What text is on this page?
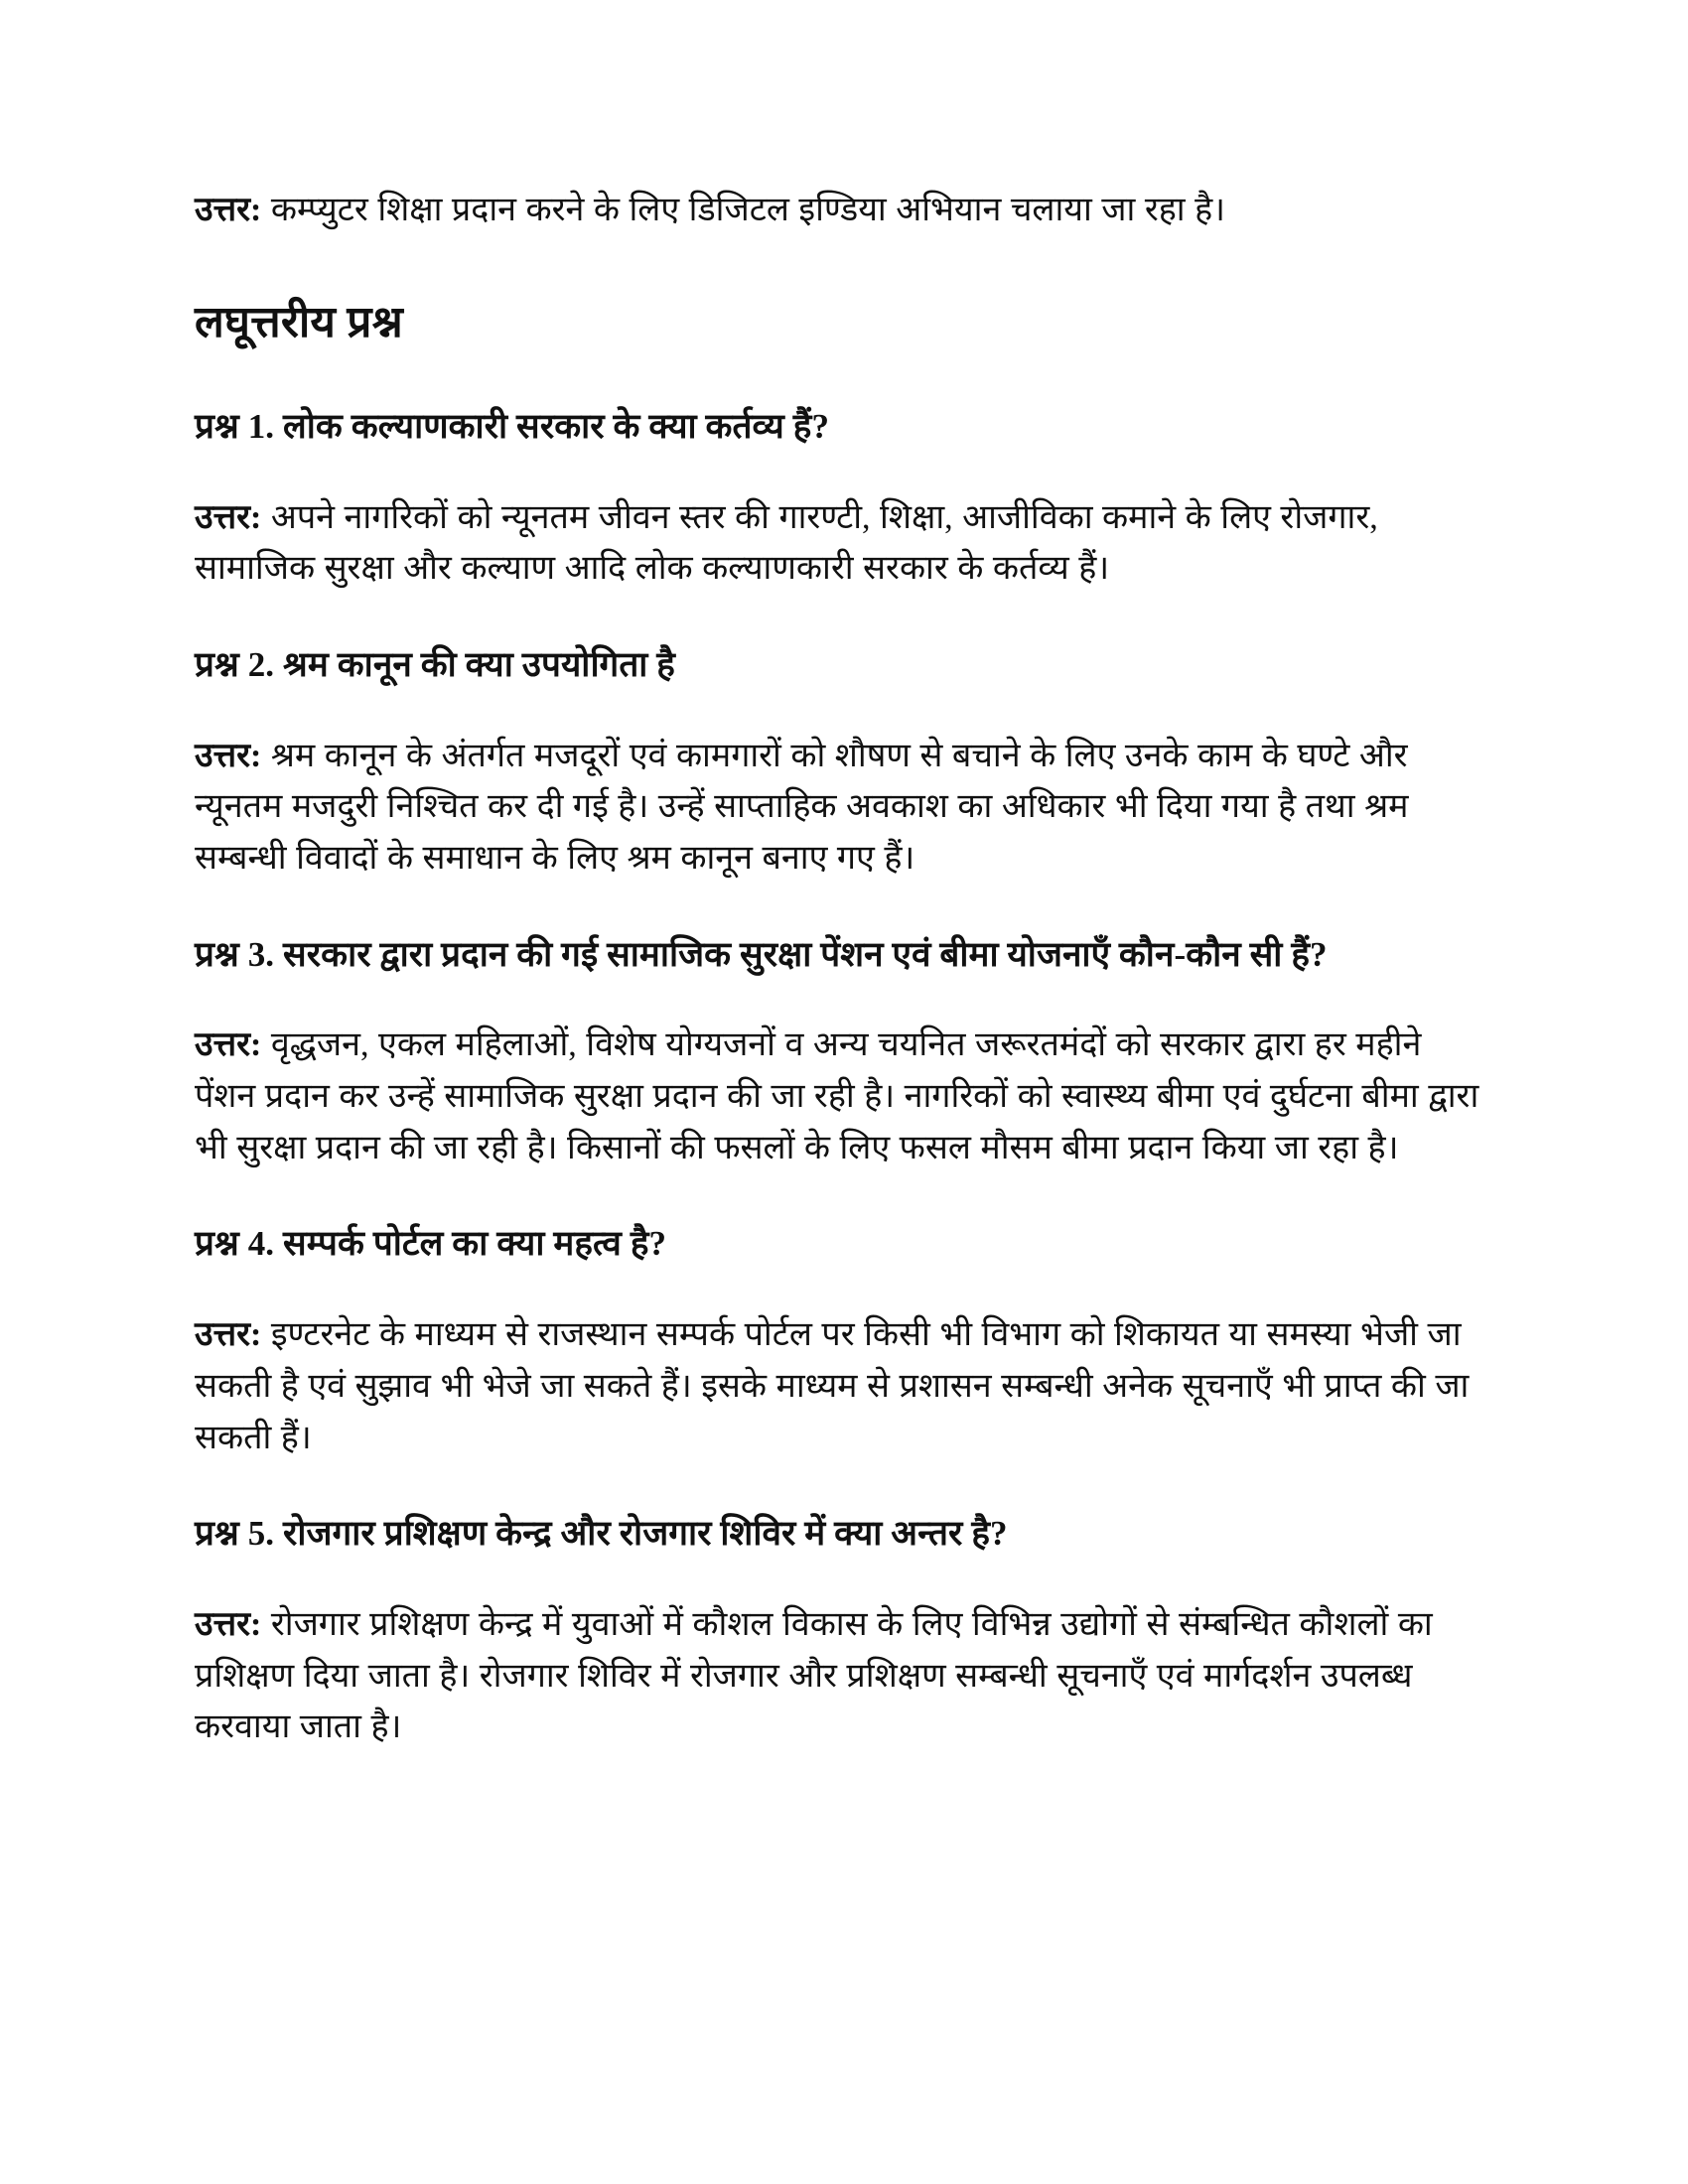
उत्तर: कम्प्युटर शिक्षा प्रदान करने के लिए डिजिटल इण्डिया अभियान चलाया जा रहा है।

लघूत्तरीय प्रश्न

प्रश्न 1. लोक कल्याणकारी सरकार के क्या कर्तव्य हैं?

उत्तर: अपने नागरिकों को न्यूनतम जीवन स्तर की गारण्टी, शिक्षा, आजीविका कमाने के लिए रोजगार, सामाजिक सुरक्षा और कल्याण आदि लोक कल्याणकारी सरकार के कर्तव्य हैं।

प्रश्न 2. श्रम कानून की क्या उपयोगिता है

उत्तर: श्रम कानून के अंतर्गत मजदूरों एवं कामगारों को शौषण से बचाने के लिए उनके काम के घण्टे और न्यूनतम मजदुरी निश्चित कर दी गई है। उन्हें साप्ताहिक अवकाश का अधिकार भी दिया गया है तथा श्रम सम्बन्धी विवादों के समाधान के लिए श्रम कानून बनाए गए हैं।

प्रश्न 3. सरकार द्वारा प्रदान की गई सामाजिक सुरक्षा पेंशन एवं बीमा योजनाएँ कौन-कौन सी हैं?

उत्तर: वृद्धजन, एकल महिलाओं, विशेष योग्यजनों व अन्य चयनित जरूरतमंदों को सरकार द्वारा हर महीने पेंशन प्रदान कर उन्हें सामाजिक सुरक्षा प्रदान की जा रही है। नागरिकों को स्वास्थ्य बीमा एवं दुर्घटना बीमा द्वारा भी सुरक्षा प्रदान की जा रही है। किसानों की फसलों के लिए फसल मौसम बीमा प्रदान किया जा रहा है।

प्रश्न 4. सम्पर्क पोर्टल का क्या महत्व है?

उत्तर: इण्टरनेट के माध्यम से राजस्थान सम्पर्क पोर्टल पर किसी भी विभाग को शिकायत या समस्या भेजी जा सकती है एवं सुझाव भी भेजे जा सकते हैं। इसके माध्यम से प्रशासन सम्बन्धी अनेक सूचनाएँ भी प्राप्त की जा सकती हैं।

प्रश्न 5. रोजगार प्रशिक्षण केन्द्र और रोजगार शिविर में क्या अन्तर है?

उत्तर: रोजगार प्रशिक्षण केन्द्र में युवाओं में कौशल विकास के लिए विभिन्न उद्योगों से संम्बन्धित कौशलों का प्रशिक्षण दिया जाता है। रोजगार शिविर में रोजगार और प्रशिक्षण सम्बन्धी सूचनाएँ एवं मार्गदर्शन उपलब्ध करवाया जाता है।
